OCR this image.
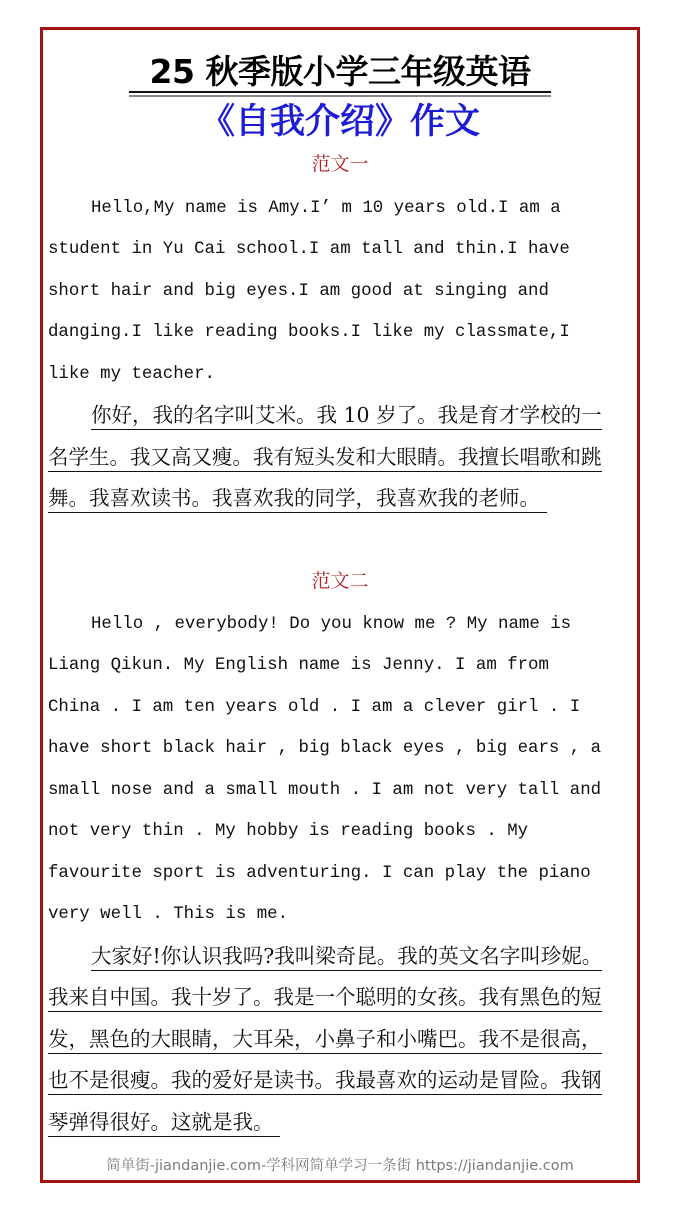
25 秋季版小学三年级英语
《自我介绍》作文
范文一
Hello,My name is Amy.I’ m 10 years old.I am a
student in Yu Cai school.I am tall and thin.I have
short hair and big eyes.I am good at singing and
danging.I like reading books.I like my classmate,I
like my teacher.
你好，我的名字叫艾米。我 10 岁了。我是育才学校的一
名学生。我又高又瘦。我有短头发和大眼睛。我擅长唱歌和跳
舞。我喜欢读书。我喜欢我的同学，我喜欢我的老师。
范文二
Hello , everybody! Do you know me ? My name is
Liang Qikun. My English name is Jenny. I am from
China . I am ten years old . I am a clever girl . I
have short black hair , big black eyes , big ears , a
small nose and a small mouth . I am not very tall and
not very thin . My hobby is reading books . My
favourite sport is adventuring. I can play the piano
very well . This is me.
大家好!你认识我吗?我叫梁奇昆。我的英文名字叫珍妮。
我来自中国。我十岁了。我是一个聪明的女孩。我有黑色的短
发，黑色的大眼睛，大耳朵，小鼻子和小嘴巴。我不是很高，
也不是很瘦。我的爱好是读书。我最喜欢的运动是冒险。我钢
琴弹得很好。这就是我。
简单街-jiandanjie.com-学科网简单学习一条街 https://jiandanjie.com
